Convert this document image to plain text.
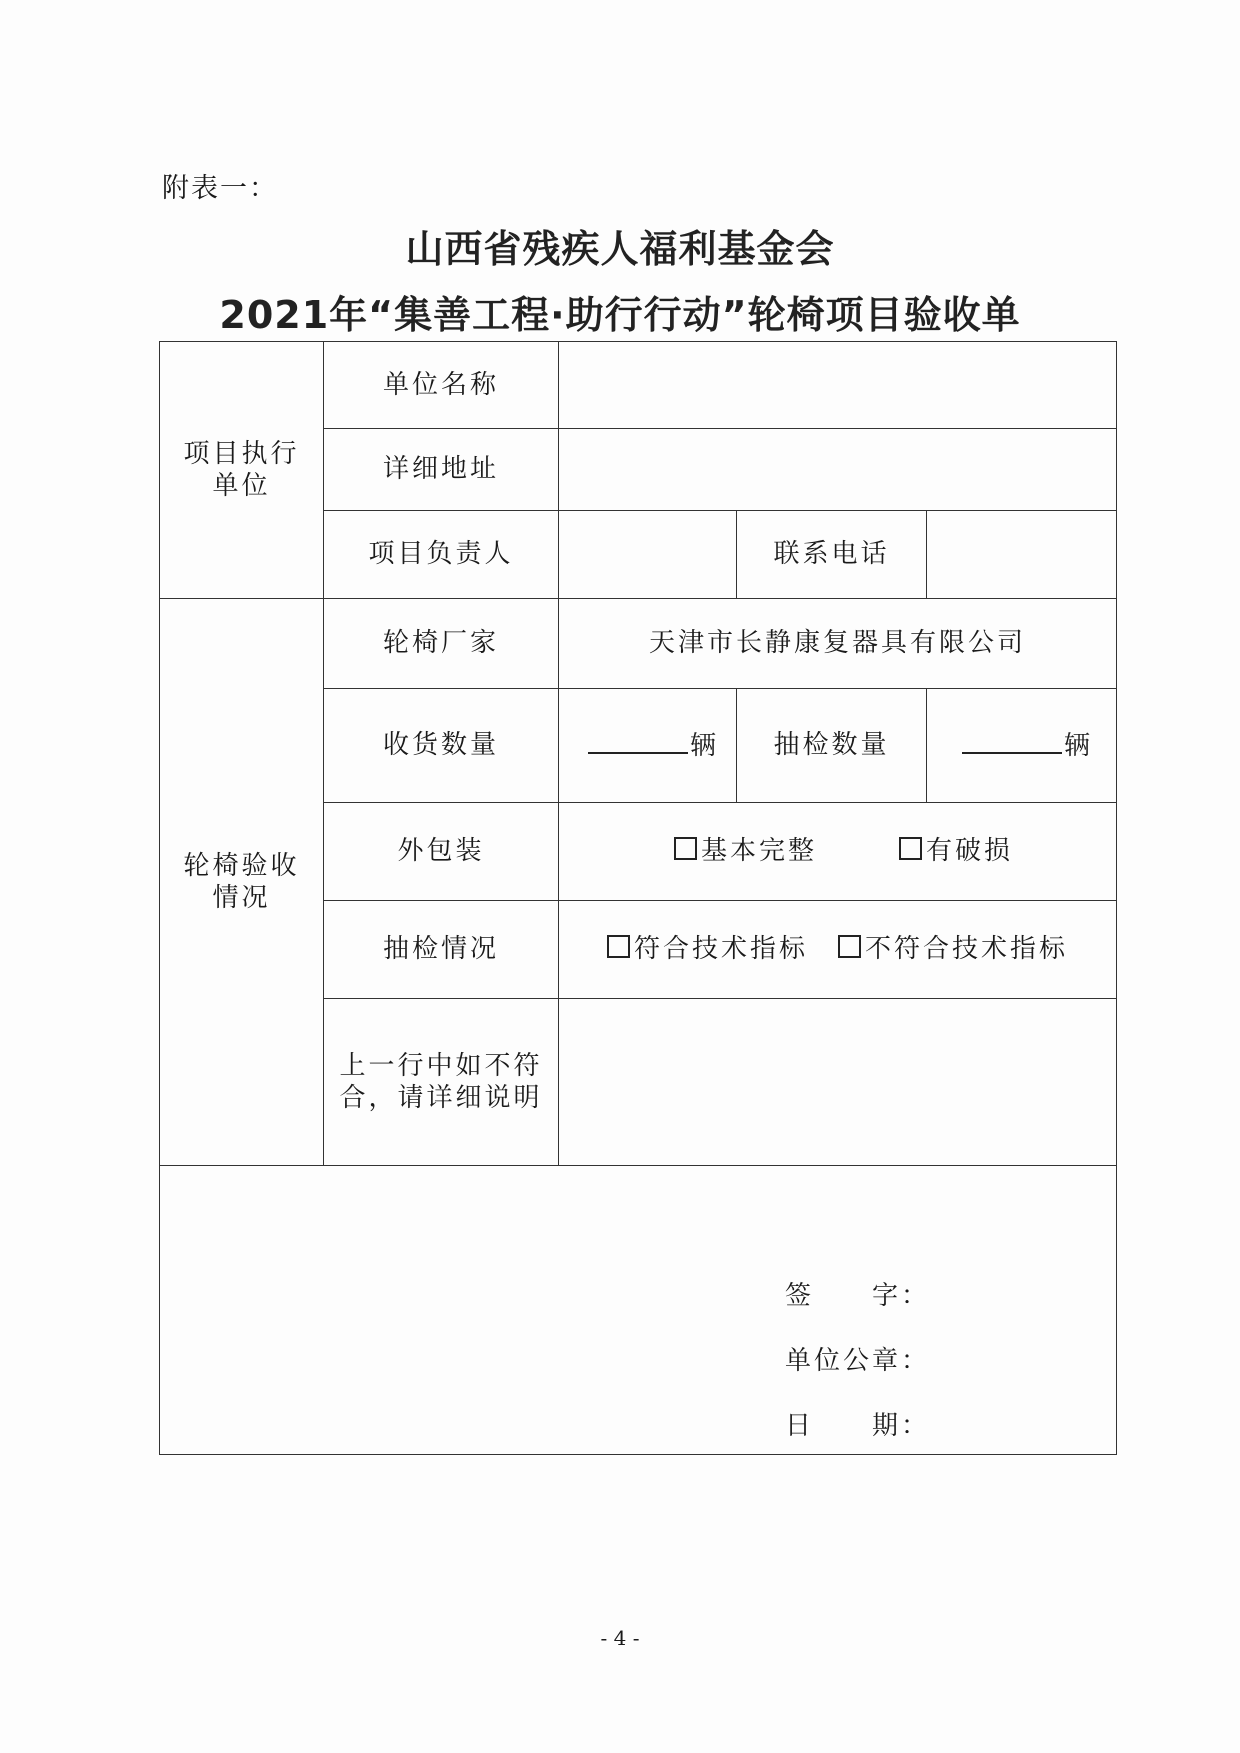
附表一：
山西省残疾人福利基金会
2021年“集善工程·助行行动”轮椅项目验收单
项目执行
单位	单位名称			
	详细地址			
	项目负责人		联系电话	
轮椅验收
情况	轮椅厂家	天津市长静康复器具有限公司		
	收货数量	辆	抽检数量	辆
	外包装	基本完整 有破损		
	抽检情况	符合技术指标 不符合技术指标		
	上一行中如不符
合，请详细说明			

签 字：
单位公章：
日 期：				
- 4 -
